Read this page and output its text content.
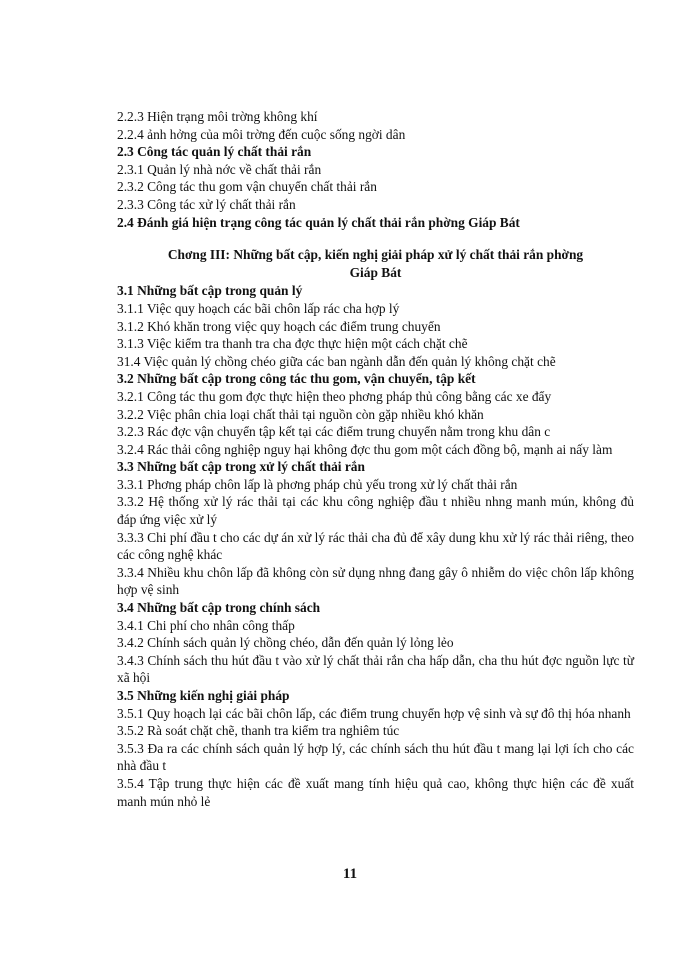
2.2.3 Hiện trạng môi trờng không khí
2.2.4 ảnh hởng của môi trờng đến cuộc sống ngời dân
2.3 Công tác quản lý chất thải rắn
2.3.1 Quản lý nhà nớc về chất thải rắn
2.3.2 Công tác thu gom vận chuyển chất thải rắn
2.3.3 Công tác xử lý chất thải rắn
2.4 Đánh giá hiện trạng công tác quản lý chất thải rắn phờng Giáp Bát
Chơng III: Những bất cập, kiến nghị giải pháp xử lý chất thải rắn phờng
Giáp Bát
3.1 Những bất cập trong quản lý
3.1.1 Việc quy hoạch các bãi chôn lấp rác cha hợp lý
3.1.2 Khó khăn trong việc quy hoạch các điểm trung chuyển
3.1.3 Việc kiểm tra thanh tra cha đợc thực hiện một cách chặt chẽ
31.4 Việc quản lý chồng chéo giữa các ban ngành dẫn đến quản lý không chặt chẽ
3.2 Những bất cập trong công tác thu gom, vận chuyển, tập kết
3.2.1 Công tác thu gom đợc thực hiện theo phơng pháp thủ công bằng các xe đẩy
3.2.2 Việc phân chia loại chất thải tại nguồn còn gặp nhiều khó khăn
3.2.3 Rác đợc vận chuyển tập kết tại các điểm trung chuyển nằm trong khu dân c
3.2.4 Rác thải công nghiệp nguy hại không đợc thu gom một cách đồng bộ, mạnh ai nấy làm
3.3 Những bất cập trong xử lý chất thải rắn
3.3.1 Phơng pháp chôn lấp là phơng pháp chủ yếu trong xử lý chất thải rắn
3.3.2 Hệ thống xử lý rác thải tại các khu công nghiệp đầu t nhiều nhng manh mún, không đủ đáp ứng việc xử lý
3.3.3 Chi phí đầu t cho các dự án xử lý rác thải cha đủ để xây dung khu xử lý rác thải riêng, theo các công nghệ khác
3.3.4 Nhiều khu chôn lấp đã không còn sử dụng nhng đang gây ô nhiễm do việc chôn lấp không hợp vệ sinh
3.4 Những bất cập trong chính sách
3.4.1 Chi phí cho nhân công thấp
3.4.2 Chính sách quản lý chồng chéo, dẫn đến quản lý lỏng lẻo
3.4.3 Chính sách thu hút đầu t vào xử lý chất thải rắn cha hấp dẫn, cha thu hút đợc nguồn lực từ xã hội
3.5 Những kiến nghị giải pháp
3.5.1 Quy hoạch lại các bãi chôn lấp, các điểm trung chuyển hợp vệ sinh và sự đô thị hóa nhanh
3.5.2 Rà soát chặt chẽ, thanh tra kiểm tra nghiêm túc
3.5.3 Đa ra các chính sách quản lý hợp lý, các chính sách thu hút đầu t mang lại lợi ích cho các nhà đầu t
3.5.4 Tập trung thực hiện các đề xuất mang tính hiệu quả cao, không thực hiện các đề xuất manh mún nhỏ lẻ
11
